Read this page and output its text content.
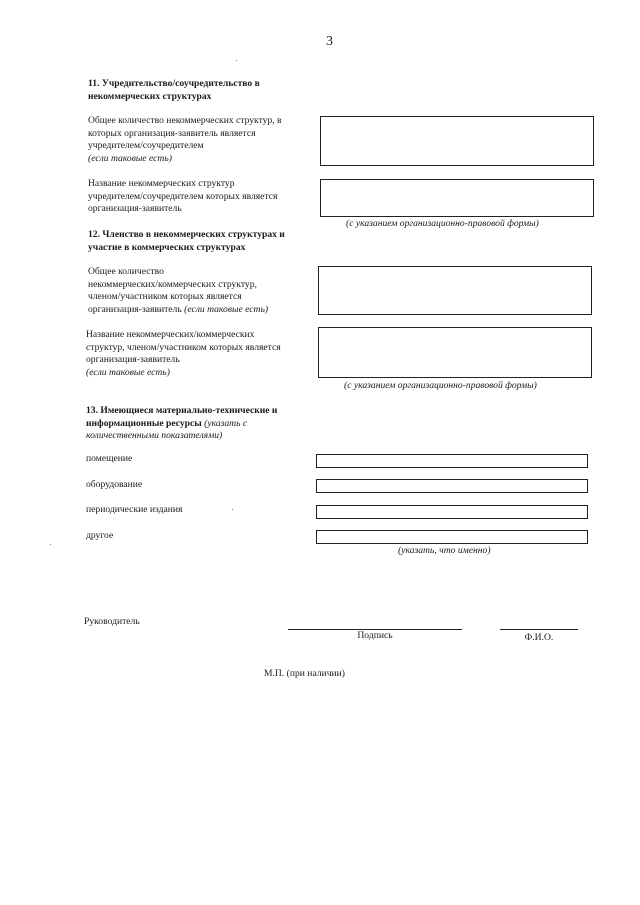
3
11. Учредительство/соучредительство в
некоммерческих структурах
Общее количество некоммерческих структур, в
которых организация-заявитель является
учредителем/соучредителем
(если таковые есть)
Название некоммерческих структур
учредителем/соучредителем которых является
организация-заявитель
(с указанием организационно-правовой формы)
12. Членство в некоммерческих структурах и
участие в коммерческих структурах
Общее количество
некоммерческих/коммерческих структур,
членом/участником которых является
организация-заявитель (если таковые есть)
Название некоммерческих/коммерческих
структур, членом/участником которых является
организация-заявитель
(если таковые есть)
(с указанием организационно-правовой формы)
13. Имеющиеся материально-технические и
информационные ресурсы (указать с
количественными показателями)
помещение
оборудование
периодические издания
другое
(указать, что именно)
Руководитель
Подпись	Ф.И.О.
М.П. (при наличии)
